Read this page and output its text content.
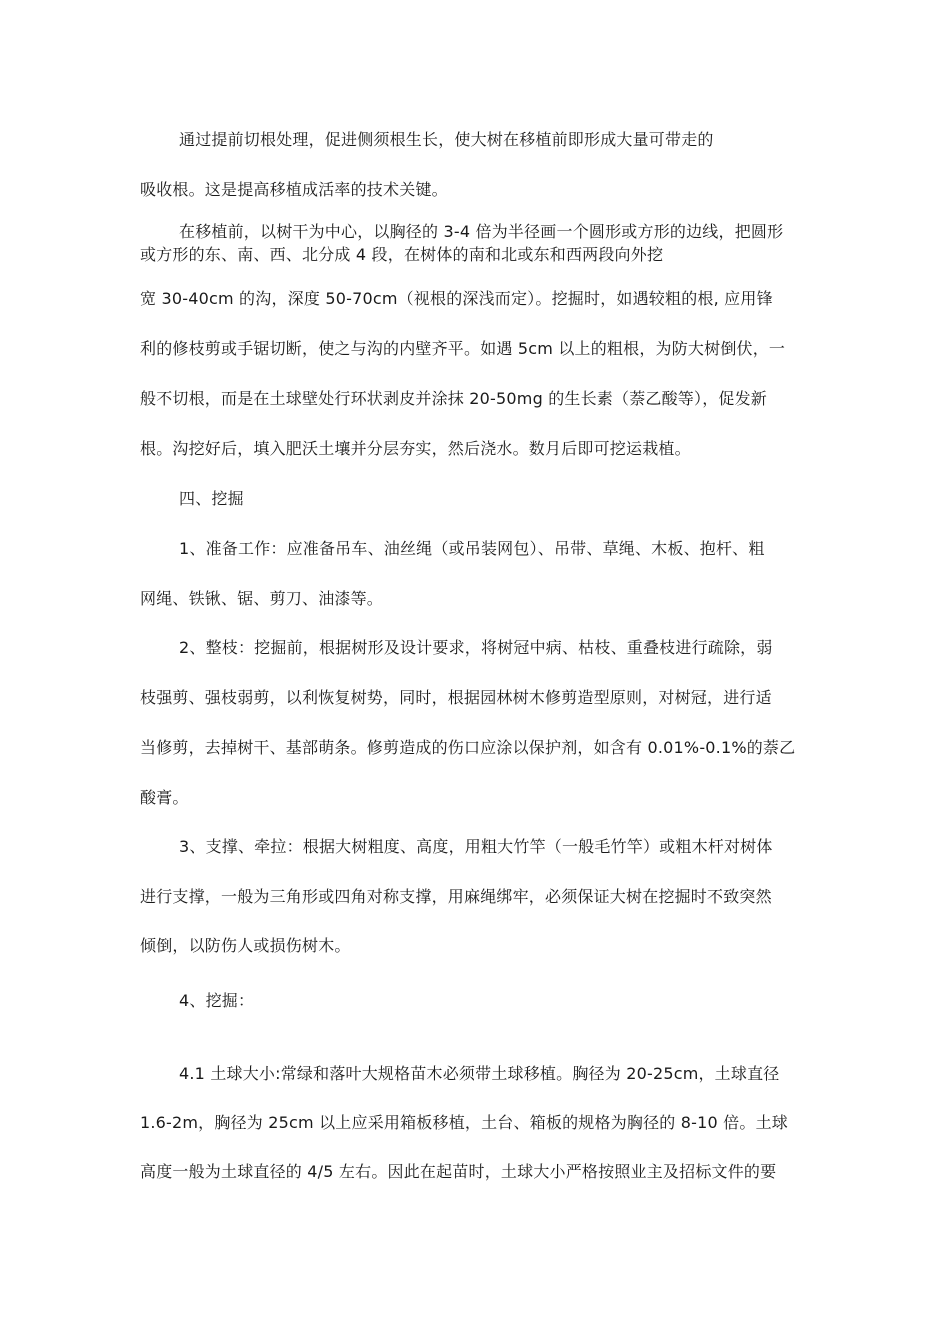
通过提前切根处理，促进侧须根生长，使大树在移植前即形成大量可带走的
吸收根。这是提高移植成活率的技术关键。
在移植前，以树干为中心，以胸径的 3-4 倍为半径画一个圆形或方形的边线，把圆形
或方形的东、南、西、北分成 4 段，在树体的南和北或东和西两段向外挖
宽 30-40cm 的沟，深度 50-70cm（视根的深浅而定）。挖掘时，如遇较粗的根, 应用锋
利的修枝剪或手锯切断，使之与沟的内壁齐平。如遇 5cm 以上的粗根，为防大树倒伏，一
般不切根，而是在土球壁处行环状剥皮并涂抹 20-50mg 的生长素（萘乙酸等），促发新
根。沟挖好后，填入肥沃土壤并分层夯实，然后浇水。数月后即可挖运栽植。
四、挖掘
1、准备工作：应准备吊车、油丝绳（或吊装网包）、吊带、草绳、木板、抱杆、粗
网绳、铁锹、锯、剪刀、油漆等。
2、整枝：挖掘前，根据树形及设计要求，将树冠中病、枯枝、重叠枝进行疏除，弱
枝强剪、强枝弱剪，以利恢复树势，同时，根据园林树木修剪造型原则，对树冠，进行适
当修剪，去掉树干、基部萌条。修剪造成的伤口应涂以保护剂，如含有 0.01%-0.1%的萘乙
酸膏。
3、支撑、牵拉：根据大树粗度、高度，用粗大竹竿（一般毛竹竿）或粗木杆对树体
进行支撑，一般为三角形或四角对称支撑，用麻绳绑牢，必须保证大树在挖掘时不致突然
倾倒，以防伤人或损伤树木。
4、挖掘：
4.1 土球大小:常绿和落叶大规格苗木必须带土球移植。胸径为 20-25cm，土球直径
1.6-2m，胸径为 25cm 以上应采用箱板移植，土台、箱板的规格为胸径的 8-10 倍。土球
高度一般为土球直径的 4/5 左右。因此在起苗时，土球大小严格按照业主及招标文件的要
